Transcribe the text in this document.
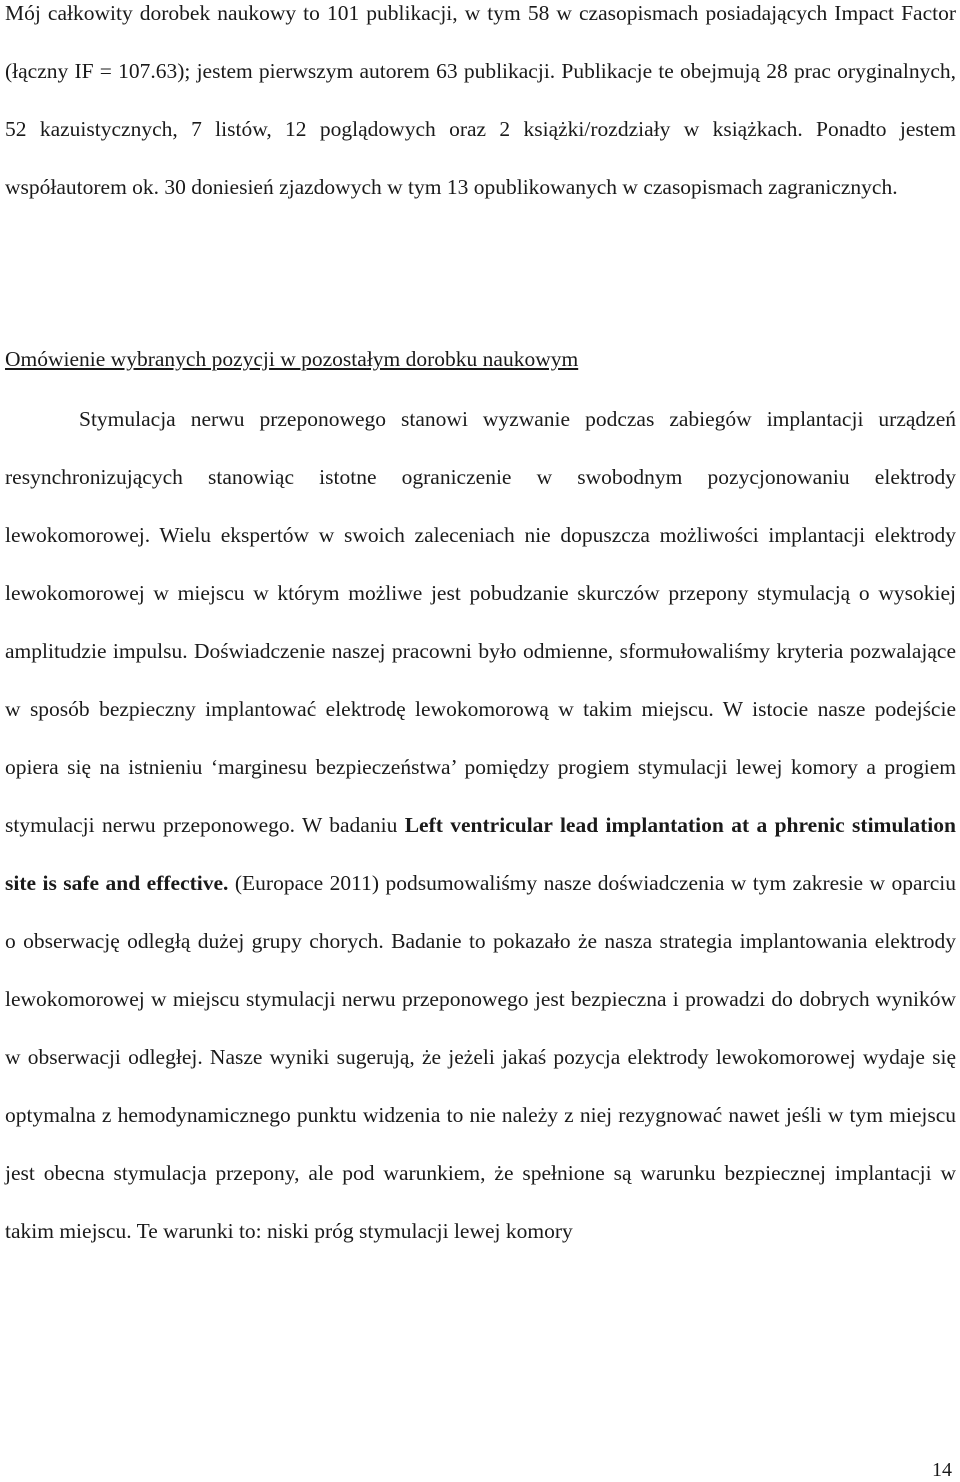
Mój całkowity dorobek naukowy to 101 publikacji, w tym 58 w czasopismach posiadających Impact Factor (łączny IF = 107.63); jestem pierwszym autorem 63 publikacji. Publikacje te obejmują 28 prac oryginalnych, 52 kazuistycznych, 7 listów, 12 poglądowych oraz 2 książki/rozdziały w książkach. Ponadto jestem współautorem ok. 30 doniesień zjazdowych w tym 13 opublikowanych w czasopismach zagranicznych.

Omówienie wybranych pozycji w pozostałym dorobku naukowym

Stymulacja nerwu przeponowego stanowi wyzwanie podczas zabiegów implantacji urządzeń resynchronizujących stanowiąc istotne ograniczenie w swobodnym pozycjonowaniu elektrody lewokomorowej. Wielu ekspertów w swoich zaleceniach nie dopuszcza możliwości implantacji elektrody lewokomorowej w miejscu w którym możliwe jest pobudzanie skurczów przepony stymulacją o wysokiej amplitudzie impulsu. Doświadczenie naszej pracowni było odmienne, sformułowaliśmy kryteria pozwalające w sposób bezpieczny implantować elektrodę lewokomorową w takim miejscu. W istocie nasze podejście opiera się na istnieniu ‘marginesu bezpieczeństwa’ pomiędzy progiem stymulacji lewej komory a progiem stymulacji nerwu przeponowego. W badaniu Left ventricular lead implantation at a phrenic stimulation site is safe and effective. (Europace 2011) podsumowaliśmy nasze doświadczenia w tym zakresie w oparciu o obserwację odległą dużej grupy chorych. Badanie to pokazało że nasza strategia implantowania elektrody lewokomorowej w miejscu stymulacji nerwu przeponowego jest bezpieczna i prowadzi do dobrych wyników w obserwacji odległej. Nasze wyniki sugerują, że jeżeli jakaś pozycja elektrody lewokomorowej wydaje się optymalna z hemodynamicznego punktu widzenia to nie należy z niej rezygnować nawet jeśli w tym miejscu jest obecna stymulacja przepony, ale pod warunkiem, że spełnione są warunku bezpiecznej implantacji w takim miejscu. Te warunki to: niski próg stymulacji lewej komory

14
